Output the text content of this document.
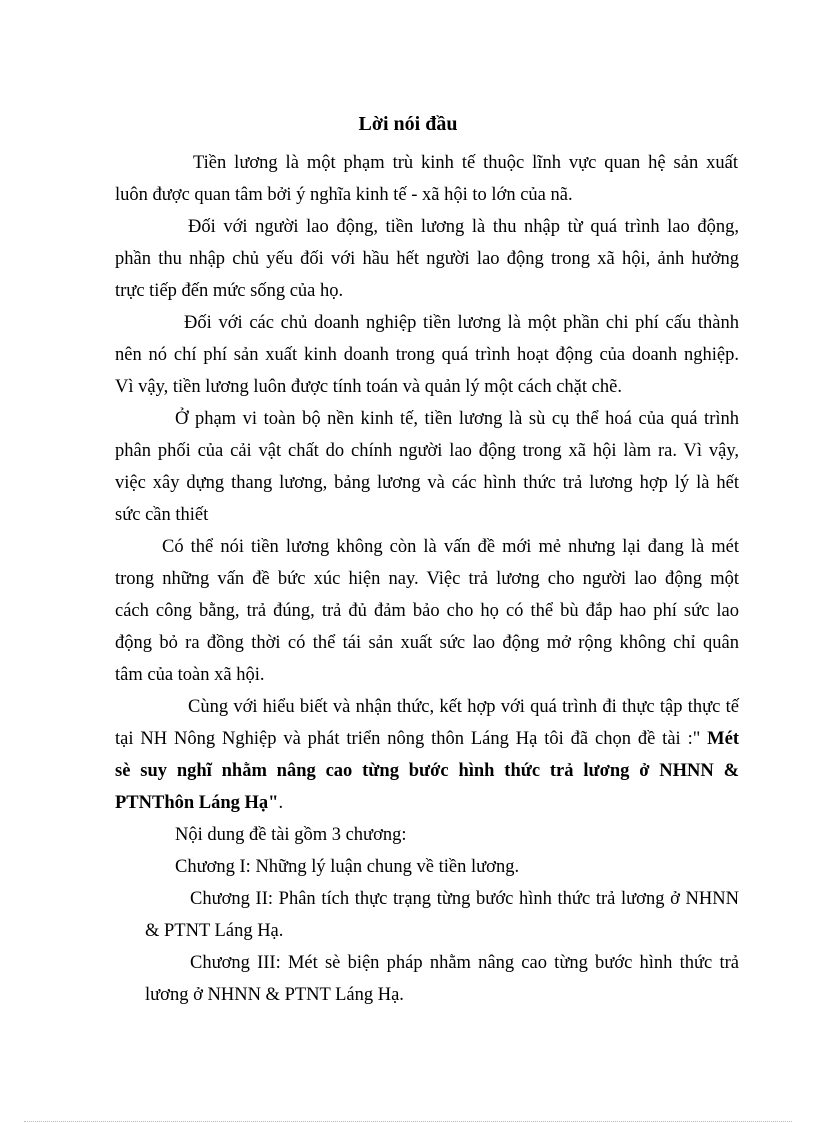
Lời nói đầu
Tiền lương là một phạm trù kinh tế thuộc lĩnh vực quan hệ sản xuất
luôn được quan tâm bởi ý nghĩa kinh tế - xã hội to lớn của nã.
Đối với người lao động, tiền lương là thu nhập từ quá trình lao động,
phần thu nhập chủ yếu đối với hầu hết người lao động trong xã hội, ảnh hưởng
trực tiếp đến mức sống của họ.
Đối với các chủ doanh nghiệp tiền lương là một phần chi phí cấu thành
nên nó chí phí sản xuất kinh doanh trong quá trình hoạt động của doanh nghiệp.
Vì vậy, tiền lương luôn được tính toán và quản lý một cách chặt chẽ.
Ở phạm vi toàn bộ nền kinh tế, tiền lương là sù cụ thể hoá của quá trình
phân phối của cải vật chất do chính người lao động trong xã hội làm ra. Vì vậy,
việc xây dựng thang lương, bảng lương và các hình thức trả lương hợp lý là hết
sức cần thiết
Có thể nói tiền lương không còn là vấn đề mới mẻ nhưng lại đang là mét
trong những vấn đề bức xúc hiện nay. Việc trả lương cho người lao động một
cách công bằng, trả đúng, trả đủ đảm bảo cho họ có thể bù đắp hao phí sức lao
động bỏ ra đồng thời có thể tái sản xuất sức lao động mở rộng không chỉ quân
tâm của toàn xã hội.
Cùng với hiểu biết và nhận thức, kết hợp với quá trình đi thực tập thực tế
tại NH Nông Nghiệp và phát triển nông thôn Láng Hạ tôi đã chọn đề tài :" Mét
sè suy nghĩ nhằm nâng cao từng bước hình thức trả lương ở NHNN &
PTNThôn Láng Hạ".
Nội dung đề tài gồm 3 chương:
Chương I: Những lý luận chung về tiền lương.
Chương II: Phân tích thực trạng từng bước hình thức trả lương ở NHNN
& PTNT Láng Hạ.
Chương III: Mét sè biện pháp nhằm nâng cao từng bước hình thức trả
lương ở NHNN & PTNT Láng Hạ.
